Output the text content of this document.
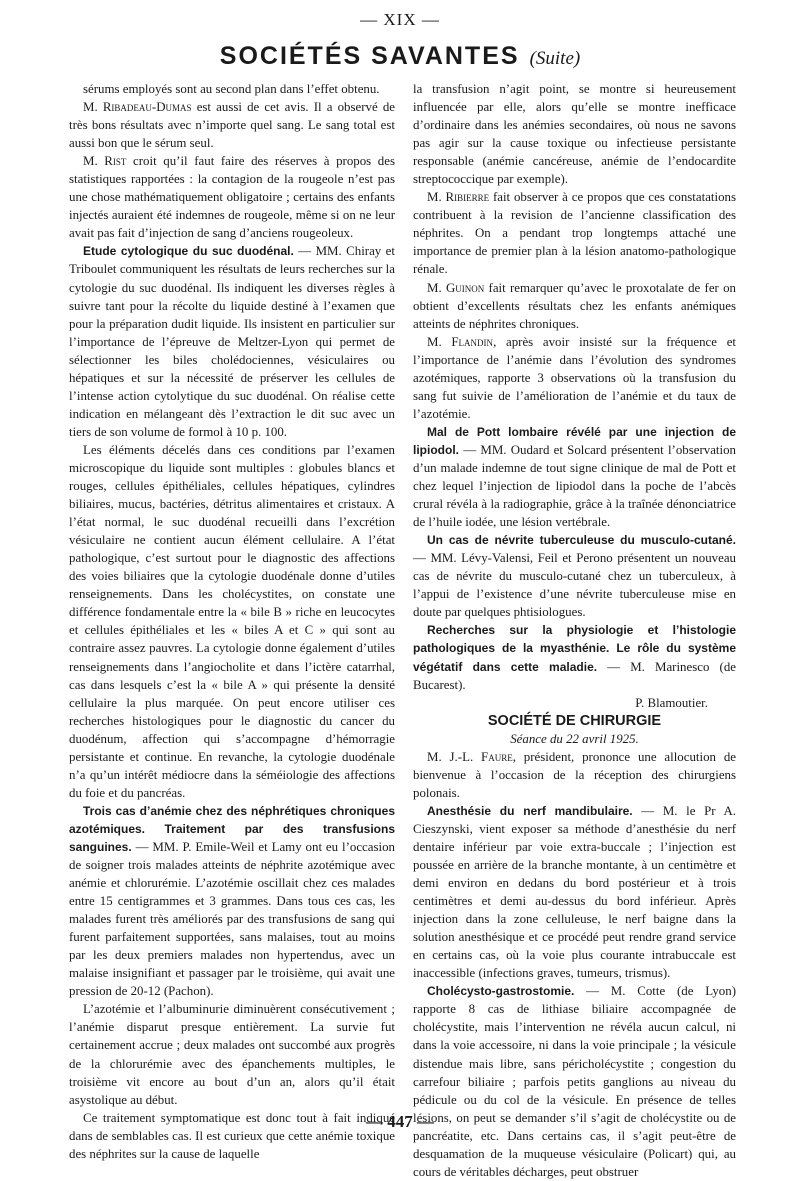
— XIX —
SOCIÉTÉS SAVANTES (Suite)

sérums employés sont au second plan dans l’effet obtenu.

M. Ribadeau-Dumas est aussi de cet avis. Il a observé de très bons résultats avec n’importe quel sang. Le sang total est aussi bon que le sérum seul.

M. Rist croit qu’il faut faire des réserves à propos des statistiques rapportées : la contagion de la rougeole n’est pas une chose mathématiquement obligatoire ; certains des enfants injectés auraient été indemnes de rougeole, même si on ne leur avait pas fait d’injection de sang d’anciens rougeoleux.

Etude cytologique du suc duodénal. — MM. Chiray et Triboulet communiquent les résultats de leurs recherches sur la cytologie du suc duodénal. Ils indiquent les diverses règles à suivre tant pour la récolte du liquide destiné à l’examen que pour la préparation dudit liquide. Ils insistent en particulier sur l’importance de l’épreuve de Meltzer-Lyon qui permet de sélectionner les biles cholédociennes, vésiculaires ou hépatiques et sur la nécessité de préserver les cellules de l’intense action cytolytique du suc duodénal. On réalise cette indication en mélangeant dès l’extraction le dit suc avec un tiers de son volume de formol à 10 p. 100.

Les éléments décelés dans ces conditions par l’examen microscopique du liquide sont multiples : globules blancs et rouges, cellules épithéliales, cellules hépatiques, cylindres biliaires, mucus, bactéries, détritus alimentaires et cristaux. A l’état normal, le suc duodénal recueilli dans l’excrétion vésiculaire ne contient aucun élément cellulaire. A l’état pathologique, c’est surtout pour le diagnostic des affections des voies biliaires que la cytologie duodénale donne d’utiles renseignements. Dans les cholécystites, on constate une différence fondamentale entre la « bile B » riche en leucocytes et cellules épithéliales et les « biles A et C » qui sont au contraire assez pauvres. La cytologie donne également d’utiles renseignements dans l’angiocholite et dans l’ictère catarrhal, cas dans lesquels c’est la « bile A » qui présente la densité cellulaire la plus marquée. On peut encore utiliser ces recherches histologiques pour le diagnostic du cancer du duodénum, affection qui s’accompagne d’hémorragie persistante et continue. En revanche, la cytologie duodénale n’a qu’un intérêt médiocre dans la séméiologie des affections du foie et du pancréas.

Trois cas d’anémie chez des néphrétiques chroniques azotémiques. Traitement par des transfusions sanguines. — MM. P. Emile-Weil et Lamy ont eu l’occasion de soigner trois malades atteints de néphrite azotémique avec anémie et chlorurémie. L’azotémie oscillait chez ces malades entre 15 centigrammes et 3 grammes. Dans tous ces cas, les malades furent très améliorés par des transfusions de sang qui furent parfaitement supportées, sans malaises, tout au moins par les deux premiers malades non hypertendus, avec un malaise insignifiant et passager par le troisième, qui avait une pression de 20-12 (Pachon).

L’azotémie et l’albuminurie diminuèrent consécutivement ; l’anémie disparut presque entièrement. La survie fut certainement accrue ; deux malades ont succombé aux progrès de la chlorurémie avec des épanchements multiples, le troisième vit encore au bout d’un an, alors qu’il était asystolique au début.

Ce traitement symptomatique est donc tout à fait indiqué dans de semblables cas. Il est curieux que cette anémie toxique des néphrites sur la cause de laquelle

la transfusion n’agit point, se montre si heureusement influencée par elle, alors qu’elle se montre inefficace d’ordinaire dans les anémies secondaires, où nous ne savons pas agir sur la cause toxique ou infectieuse persistante responsable (anémie cancéreuse, anémie de l’endocardite streptococcique par exemple).

M. Ribierre fait observer à ce propos que ces constatations contribuent à la revision de l’ancienne classification des néphrites. On a pendant trop longtemps attaché une importance de premier plan à la lésion anatomo-pathologique rénale.

M. Guinon fait remarquer qu’avec le proxotalate de fer on obtient d’excellents résultats chez les enfants anémiques atteints de néphrites chroniques.

M. Flandin, après avoir insisté sur la fréquence et l’importance de l’anémie dans l’évolution des syndromes azotémiques, rapporte 3 observations où la transfusion du sang fut suivie de l’amélioration de l’anémie et du taux de l’azotémie.

Mal de Pott lombaire révélé par une injection de lipiodol. — MM. Oudard et Solcard présentent l’observation d’un malade indemne de tout signe clinique de mal de Pott et chez lequel l’injection de lipiodol dans la poche de l’abcès crural révéla à la radiographie, grâce à la traînée dénonciatrice de l’huile iodée, une lésion vertébrale.

Un cas de névrite tuberculeuse du musculo-cutané. — MM. Lévy-Valensi, Feil et Perono présentent un nouveau cas de névrite du musculo-cutané chez un tuberculeux, à l’appui de l’existence d’une névrite tuberculeuse mise en doute par quelques phtisiologues.

Recherches sur la physiologie et l’histologie pathologiques de la myasthénie. Le rôle du système végétatif dans cette maladie. — M. Marinesco (de Bucarest).

P. Blamoutier.

SOCIÉTÉ DE CHIRURGIE

Séance du 22 avril 1925.

M. J.-L. Faure, président, prononce une allocution de bienvenue à l’occasion de la réception des chirurgiens polonais.

Anesthésie du nerf mandibulaire. — M. le Pr A. Cieszynski, vient exposer sa méthode d’anesthésie du nerf dentaire inférieur par voie extra-buccale ; l’injection est poussée en arrière de la branche montante, à un centimètre et demi environ en dedans du bord postérieur et à trois centimètres et demi au-dessus du bord inférieur. Après injection dans la zone celluleuse, le nerf baigne dans la solution anesthésique et ce procédé peut rendre grand service en certains cas, où la voie plus courante intrabuccale est inaccessible (infections graves, tumeurs, trismus).

Cholécysto-gastrostomie. — M. Cotte (de Lyon) rapporte 8 cas de lithiase biliaire accompagnée de cholécystite, mais l’intervention ne révéla aucun calcul, ni dans la voie accessoire, ni dans la voie principale ; la vésicule distendue mais libre, sans péricholécystite ; congestion du carrefour biliaire ; parfois petits ganglions au niveau du pédicule ou du col de la vésicule. En présence de telles lésions, on peut se demander s’il s’agit de cholécystite ou de pancréatite, etc. Dans certains cas, il s’agit peut-être de desquamation de la muqueuse vésiculaire (Policart) qui, au cours de véritables décharges, peut obstruer

— 447 —
